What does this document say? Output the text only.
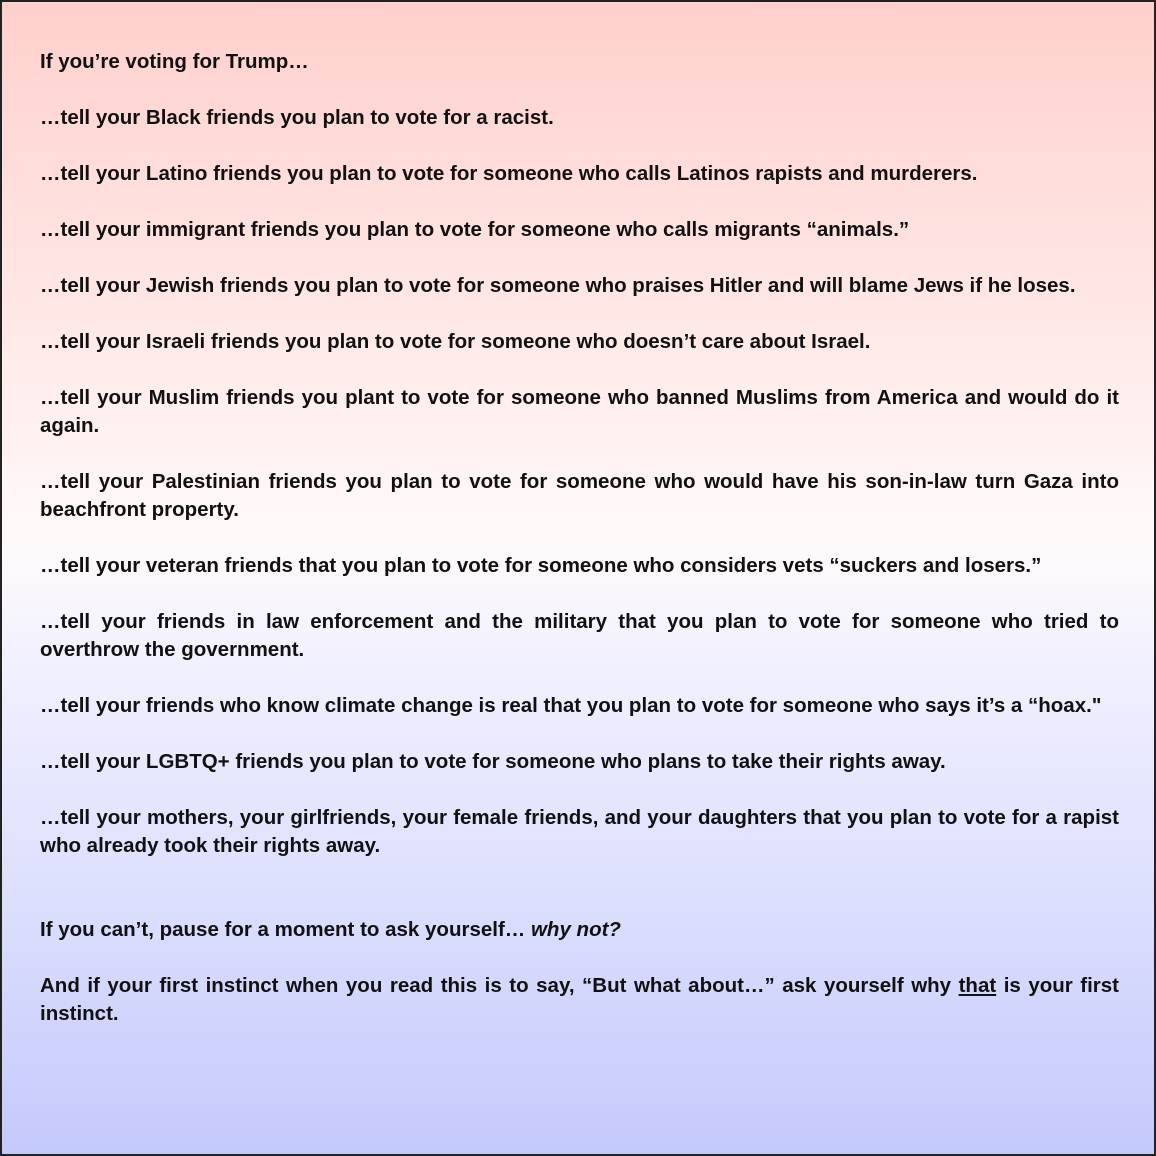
If you’re voting for Trump…

…tell your Black friends you plan to vote for a racist.

…tell your Latino friends you plan to vote for someone who calls Latinos rapists and murderers.

…tell your immigrant friends you plan to vote for someone who calls migrants “animals.”

…tell your Jewish friends you plan to vote for someone who praises Hitler and will blame Jews if he loses.

…tell your Israeli friends you plan to vote for someone who doesn’t care about Israel.

…tell your Muslim friends you plant to vote for someone who banned Muslims from America and would do it again.

…tell your Palestinian friends you plan to vote for someone who would have his son-in-law turn Gaza into beachfront property.

…tell your veteran friends that you plan to vote for someone who considers vets “suckers and losers.”

…tell your friends in law enforcement and the military that you plan to vote for someone who tried to overthrow the government.

…tell your friends who know climate change is real that you plan to vote for someone who says it’s a “hoax."

…tell your LGBTQ+ friends you plan to vote for someone who plans to take their rights away.

…tell your mothers, your girlfriends, your female friends, and your daughters that you plan to vote for a rapist who already took their rights away.

If you can’t, pause for a moment to ask yourself… why not?

And if your first instinct when you read this is to say, “But what about…” ask yourself why that is your first instinct.
